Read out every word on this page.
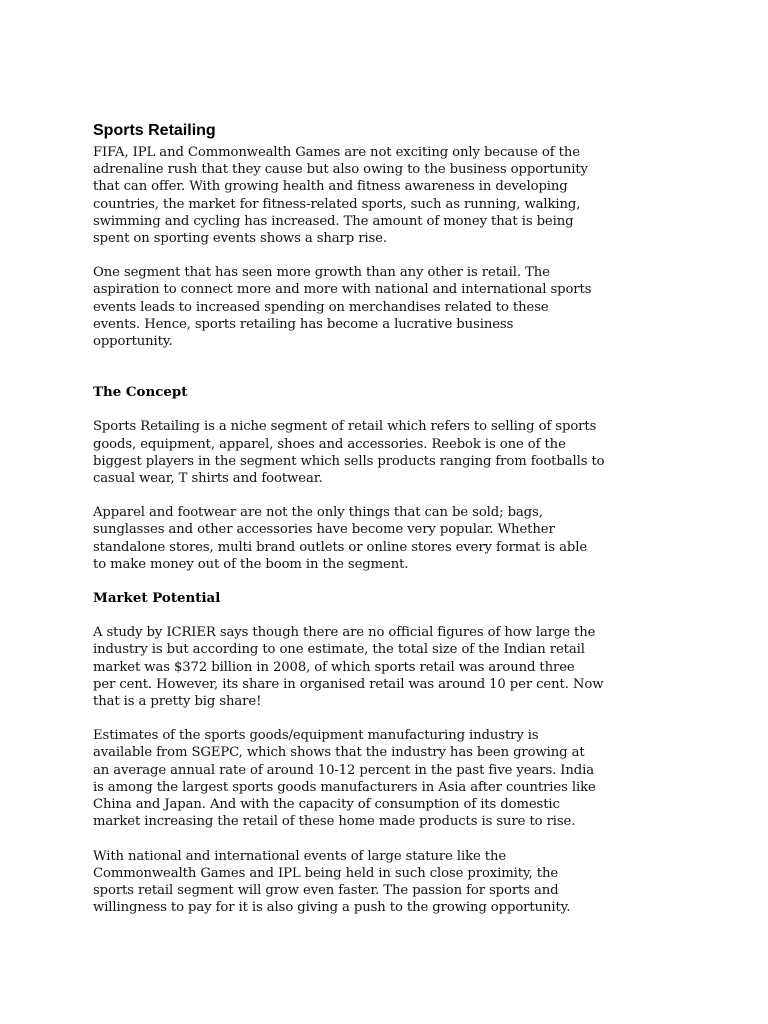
Sports Retailing

FIFA, IPL and Commonwealth Games are not exciting only because of the
adrenaline rush that they cause but also owing to the business opportunity
that can offer. With growing health and fitness awareness in developing
countries, the market for fitness-related sports, such as running, walking,
swimming and cycling has increased. The amount of money that is being
spent on sporting events shows a sharp rise.

One segment that has seen more growth than any other is retail. The
aspiration to connect more and more with national and international sports
events leads to increased spending on merchandises related to these
events. Hence, sports retailing has become a lucrative business
opportunity.

The Concept

Sports Retailing is a niche segment of retail which refers to selling of sports
goods, equipment, apparel, shoes and accessories. Reebok is one of the
biggest players in the segment which sells products ranging from footballs to
casual wear, T shirts and footwear.

Apparel and footwear are not the only things that can be sold; bags,
sunglasses and other accessories have become very popular. Whether
standalone stores, multi brand outlets or online stores every format is able
to make money out of the boom in the segment.

Market Potential

A study by ICRIER says though there are no official figures of how large the
industry is but according to one estimate, the total size of the Indian retail
market was $372 billion in 2008, of which sports retail was around three
per cent. However, its share in organised retail was around 10 per cent. Now
that is a pretty big share!

Estimates of the sports goods/equipment manufacturing industry is
available from SGEPC, which shows that the industry has been growing at
an average annual rate of around 10-12 percent in the past five years. India
is among the largest sports goods manufacturers in Asia after countries like
China and Japan. And with the capacity of consumption of its domestic
market increasing the retail of these home made products is sure to rise.

With national and international events of large stature like the
Commonwealth Games and IPL being held in such close proximity, the
sports retail segment will grow even faster. The passion for sports and
willingness to pay for it is also giving a push to the growing opportunity.
